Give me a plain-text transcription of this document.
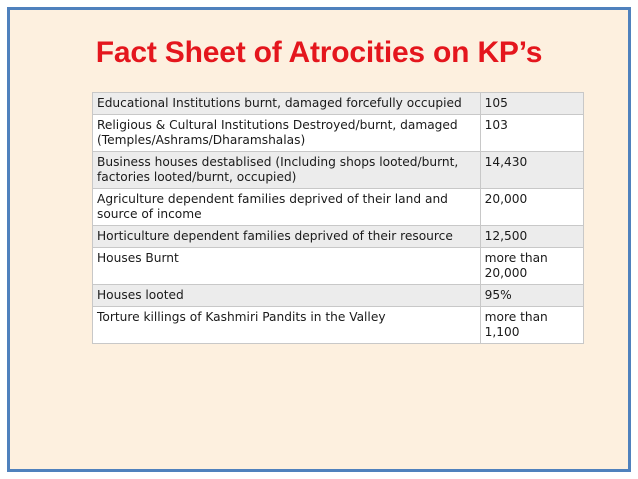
Fact Sheet of Atrocities on KP’s
Educational Institutions burnt, damaged forcefully occupied	105
Religious & Cultural Institutions Destroyed/burnt, damaged (Temples/Ashrams/Dharamshalas)	103
Business houses destablised (Including shops looted/burnt, factories looted/burnt, occupied)	14,430
Agriculture dependent families deprived of their land and source of income	20,000
Horticulture dependent families deprived of their resource	12,500
Houses Burnt	more than 20,000
Houses looted	95%
Torture killings of Kashmiri Pandits in the Valley	more than 1,100
